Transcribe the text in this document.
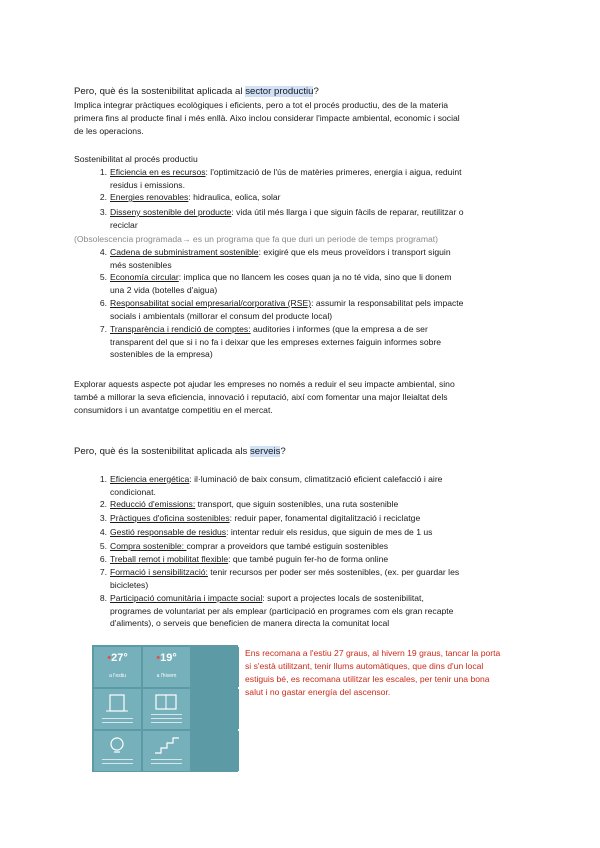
Pero, què és la sostenibilitat aplicada al sector productiu?
Implica integrar pràctiques ecològiques i eficients, pero a tot el procés productiu, des de la materia
primera fins al producte final i més enllà. Aixo inclou considerar l'impacte ambiental, economic i social
de les operacions.
Sostenibilitat al procés productiu
1. Eficiencia en es recursos: l'optimització de l'ús de matèries primeres, energia i aigua, reduint
residus i emissions.
2. Energies renovables: hidraulica, eolica, solar
3. Disseny sostenible del producte: vida útil més llarga i que siguin fàcils de reparar, reutilitzar o
reciclar
4. Cadena de subministrament sostenible: exigiré que els meus proveïdors i transport siguin
més sostenibles
5. Economía circular: implica que no llancem les coses quan ja no té vida, sino que li donem
una 2 vida (botelles d'aigua)
6. Responsabilitat social empresarial/corporativa (RSE): assumir la responsabilitat pels impacte
socials i ambientals (millorar el consum del producte local)
7. Transparència i rendició de comptes: auditories i informes (que la empresa a de ser
transparent del que si i no fa i deixar que les empreses externes faiguin informes sobre
sostenibles de la empresa)
(Obsolescencia programada→ es un programa que fa que duri un periode de temps programat)
Explorar aquests aspecte pot ajudar les empreses no només a reduir el seu impacte ambiental, sino
també a millorar la seva eficiencia, innovació i reputació, així com fomentar una major lleialtat dels
consumidors i un avantatge competitiu en el mercat.
Pero, què és la sostenibilitat aplicada als serveis?
1. Eficiencia energética: il·luminació de baix consum, climatització eficient calefacció i aire
condicionat.
2. Reducció d'emissions: transport, que siguin sostenibles, una ruta sostenible
3. Pràctiques d'oficina sostenibles: reduir paper, fonamental digitalització i reciclatge
4. Gestió responsable de residus: intentar reduir els residus, que siguin de mes de 1 us
5. Compra sostenible: comprar a proveidors que també estiguin sostenibles
6. Treball remot i mobilitat flexible: que també puguin fer-ho de forma online
7. Formació i sensibilització: tenir recursos per poder ser més sostenibles, (ex. per guardar les
bicicletes)
8. Participació comunitària i impacte social: suport a projectes locals de sostenibilitat,
programes de voluntariat per als emplear (participació en programes com els gran recapte
d'aliments), o serveis que beneficien de manera directa la comunitat local
•27°
a l'estiu
•19°
a l'hivern
Ens recomana a l'estiu 27 graus, al hivern 19 graus, tancar la porta
si s'està utilitzant, tenir llums automàtiques, que dins d'un local
estiguis bé, es recomana utilitzar les escales, per tenir una bona
salut i no gastar energía del ascensor.
